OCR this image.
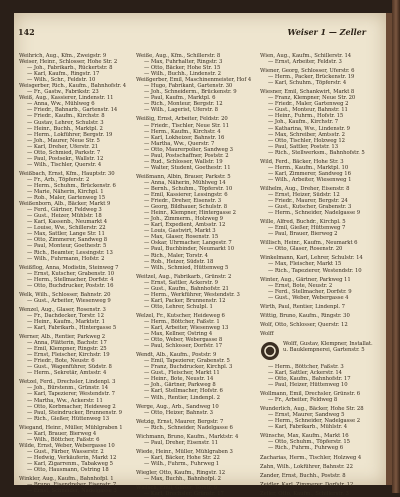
142	Weiser 1 — Zeller
Weihrich, Aug., Kfm., Zweigstr. 9
Weiser, Heinr., Schlosser, Hohe Str. 2
— Joh., Fabrikarb., Rückertstr. 8
— Karl, Kaufm., Ringstr. 17
— Wilh., Schr., Feldstr. 10
Weisgerber, Rich., Kaufm., Bahnhofstr. 4
— Fr., Gastw., Fabrikstr. 23
Weiß, Aug., Kassierer, Lindenstr. 11
— Anna, Ww., Mühlweg 6
— Friedr., Bahnarb., Gartenstr. 14
— Friedr., Kaufm., Kirchstr. 8
— Gustav, Lehrer, Schulstr. 3
— Heinr., Buchh., Marktpl. 2
— Herm., Lokführer, Bergstr. 19
— Joh., Maurer, Neue Str. 5
— Karl, Dreher, Uferstr. 21
— Otto, Schmied, Parkstr. 7
— Paul, Postsekr., Wallstr. 12
— Wilh., Tischler, Querstr. 4
Weißbach, Ernst, Kfm., Hauptstr. 30
— Fr., Arb., Töpferstr. 2
— Herm., Schuhm., Brückenstr. 6
— Marie, Näherin, Kirchpl. 1
— Rob., Maler, Gartenweg 15
Weißenborn, Alb., Bäcker, Markt 9
— Ferd., Gärtner, Feldweg 3
— Gust., Heizer, Mühlstr. 18
— Karl, Kassenb., Neumarkt 4
— Louise, Ww., Schillerstr. 22
— Max, Sattler, Lange Str. 11
— Otto, Zimmerer, Sandweg 8
— Paul, Monteur, Goethestr. 5
— Rich., Beamter, Lessingstr. 13
— Wilh., Fuhrmann, Hofstr. 2
Weißflog, Anna, Modistin, Steinweg 7
— Ernst, Kutscher, Grabenstr. 10
— Herm., Stellmacher, Dorfstr. 4
— Otto, Buchdrucker, Poststr. 16
Welk, Wilh., Schlosser, Bahnstr. 20
— Gust., Arbeiter, Wiesenweg 9
Wenzel, Aug., Glaser, Rosenstr. 3
— Fr., Dachdecker, Torstr. 12
— Heinr., Kaufm., Marktstr. 1
— Karl, Fabrikarb., Hintergasse 5
Werner, Alb., Rentier, Parkweg 2
— Anna, Plätterin, Bachstr. 17
— Emil, Klempner, Ringstr. 25
— Ernst, Fleischer, Kirchstr. 19
— Friedr., Bote, Neustr. 6
— Gust., Wagenführer, Südstr. 8
— Herm., Sekretär, Amtsstr. 4
Wetzel, Ferd., Drechsler, Lindenpl. 3
— Joh., Bürstenm., Grünstr. 14
— Karl, Tapezierer, Westendstr. 7
— Martha, Ww., Ackerstr. 11
— Otto, Korbmacher, Heideweg 2
— Paul, Steindrucker, Brunnenstr. 9
— Rich., Gießer, Hüttenweg 13
Wiegand, Heinr., Müller, Mühlgraben 1
— Karl, Brauer, Bierweg 4
— Wilh., Böttcher, Faßstr. 6
Wilde, Ernst, Weber, Webergasse 10
— Gust., Färber, Wasserstr. 2
— Hedwig, Verkäuferin, Markt 12
— Karl, Zigarrenm., Tabakweg 5
— Otto, Hausmann, Ostring 18
Winkler, Aug., Kaufm., Bahnhofpl. 1
— Bruno, Eisendreher, Eisenstr. 7
— Ernst, Schneider, Nadelgasse 3
Weiße, Aug., Kfm., Schillerstr. 8
— Max, Fuhrhalter, Ringstr. 3
— Otto, Bäcker, Hohe Str. 15
— Wilh., Buchh., Lindenstr. 2
Weißgerber, Emil, Maschinenmeister, Hof 4
— Hugo, Fabrikant, Gartenstr. 30
— Joh., Schneiderm., Brückenstr. 9
— Paul, Kaufm., Marktpl. 6
— Rich., Monteur, Bergstr. 12
— Wilh., Lagerist, Uferstr. 8
Weißig, Ernst, Arbeiter, Feldstr. 20
— Friedr., Tischler, Neue Str. 11
— Herm., Kaufm., Kirchstr. 4
— Karl, Lokheizer, Bahnstr. 16
— Martha, Ww., Querstr. 7
— Otto, Maurerpolier, Sandweg 3
— Paul, Postschaffner, Poststr. 2
— Rud., Schlosser, Wallstr. 19
— Walter, Student, Goethestr. 11
Weißmann, Albin, Brauer, Parkstr. 5
— Anna, Näherin, Mühlweg 14
— Bernh., Schuhm., Töpferstr. 10
— Emil, Kassierer, Lessingstr. 6
— Friedr., Dreher, Eisenstr. 3
— Georg, Bildhauer, Schulstr. 8
— Heinr., Klempner, Hintergasse 2
— Joh., Zimmerm., Holzweg 9
— Karl, Expedient, Amtsstr. 12
— Louis, Gastwirt, Markt 3
— Max, Glaser, Rosenstr. 15
— Oskar, Uhrmacher, Langestr. 7
— Paul, Buchbinder, Neumarkt 10
— Rich., Maler, Torstr. 4
— Rob., Heizer, Südstr. 18
— Wilh., Schmied, Hüttenweg 5
Weitzel, Aug., Fabrikarb., Grünstr. 2
— Ernst, Sattler, Ackerstr. 9
— Gust., Kaufm., Bahnhofstr. 21
— Herm., Werkführer, Westendstr. 3
— Karl, Packer, Brunnenstr. 12
— Otto, Lehrer, Schulpl. 1
Welzel, Fr., Kutscher, Heideweg 6
— Herm., Böttcher, Faßstr. 1
— Karl, Arbeiter, Wiesenweg 13
— Max, Kellner, Ostring 4
— Otto, Weber, Webergasse 8
— Paul, Schlosser, Dorfstr. 17
Wendt, Alb., Kaufm., Poststr. 9
— Emil, Tapezierer, Grabenstr. 5
— Franz, Buchdrucker, Kirchpl. 3
— Gust., Fleischer, Markt 11
— Heinr., Bote, Neustr. 14
— Joh., Gärtner, Parkweg 8
— Karl, Stellmacher, Hofstr. 6
— Wilh., Rentier, Lindenpl. 2
Werge, Aug., Arb., Sandweg 10
— Otto, Heizer, Bahnstr. 3
Wetzig, Ernst, Maurer, Bergstr. 7
— Rich., Schneider, Nadelgasse 6
Wichmann, Bruno, Kaufm., Marktstr. 4
— Paul, Dreher, Eisenstr. 11
Wiede, Heinr., Müller, Mühlgraben 3
— Karl, Bäcker, Hohe Str. 22
— Wilh., Fuhrm., Fuhrweg 1
Wiegler, Otto, Kaufm., Ringstr. 12
— Max, Buchh., Bahnhofpl. 2
Wielsch, Emil, Glaser, Torstr. 9
— Karl, Drechsler, Grünstr. 17
Wien, Aug., Kaufm., Schillerstr. 14
— Ernst, Arbeiter, Feldstr. 3
Wiener, Georg, Schlosser, Uferstr. 6
— Herm., Packer, Brückenstr. 19
— Karl, Schuhm., Töpferstr. 4
Wiesner, Emil, Schankwirt, Markt 8
— Franz, Klempner, Neue Str. 20
— Friedr., Maler, Gartenweg 2
— Gust., Monteur, Bahnstr. 11
— Heinr., Fuhrm., Hofstr. 15
— Joh., Kaufm., Kirchstr. 7
— Katharina, Ww., Lindenstr. 9
— Max, Schreiber, Amtsstr. 2
— Otto, Tischler, Holzweg 12
— Paul, Sattler, Poststr. 13
— Rich., Stellwerksm., Bahnhofstr. 5
Wild, Ferd., Bäcker, Hohe Str. 3
— Herm., Kaufm., Marktpl. 10
— Karl, Zimmerer, Sandweg 16
— Wilh., Arbeiter, Wiesenweg 1
Wilhelm, Aug., Dreher, Eisenstr. 8
— Ernst, Heizer, Südstr. 12
— Friedr., Maurer, Bergstr. 24
— Gust., Kutscher, Grabenstr. 3
— Herm., Schneider, Nadelgasse 9
Wille, Alfred, Buchdr., Kirchpl. 5
— Emil, Gießer, Hüttenweg 7
— Paul, Brauer, Bierweg 2
Willisch, Heinr., Kaufm., Neumarkt 6
— Otto, Glaser, Rosenstr. 20
Winkelmann, Karl, Lehrer, Schulstr. 14
— Max, Fleischer, Markt 15
— Rich., Tapezierer, Westendstr. 10
Winter, Aug., Gärtner, Parkweg 11
— Ernst, Bote, Neustr. 2
— Ferd., Stellmacher, Dorfstr. 9
— Gust., Weber, Webergasse 4
Wirth, Paul, Rentier, Lindenpl. 7
Wittig, Bruno, Kaufm., Ringstr. 30
Wolf, Otto, Schlosser, Querstr. 12
Wolff
Wolff, Gustav, Klempner, Installat. u. Bauklempnerei, Gartenstr. 5
— Herm., Böttcher, Faßstr. 3
— Karl, Sattler, Ackerstr. 14
— Otto, Kaufm., Bahnhofstr. 17
— Paul, Heizer, Hüttenweg 10
Wollmann, Emil, Drechsler, Grünstr. 6
— Fr., Arbeiter, Feldweg 8
Wunderlich, Aug., Bäcker, Hohe Str. 28
— Ernst, Maurer, Sandweg 5
— Herm., Schneider, Nadelgasse 2
— Karl, Fabrikarb., Mühlstr. 4
Wünsche, Max, Kaufm., Markt 16
— Otto, Schuhm., Töpferstr. 15
— Rich., Fuhrm., Fuhrweg 6
Zacharias, Herm., Tischler, Holzweg 4
Zahn, Wilh., Lokführer, Bahnstr. 22
Zander, Ernst, Buchh., Poststr. 8
Zeidler, Karl, Zimmerer, Dorfstr. 12
Zeller, Otto, Kaufm., Schillerstr. 3
